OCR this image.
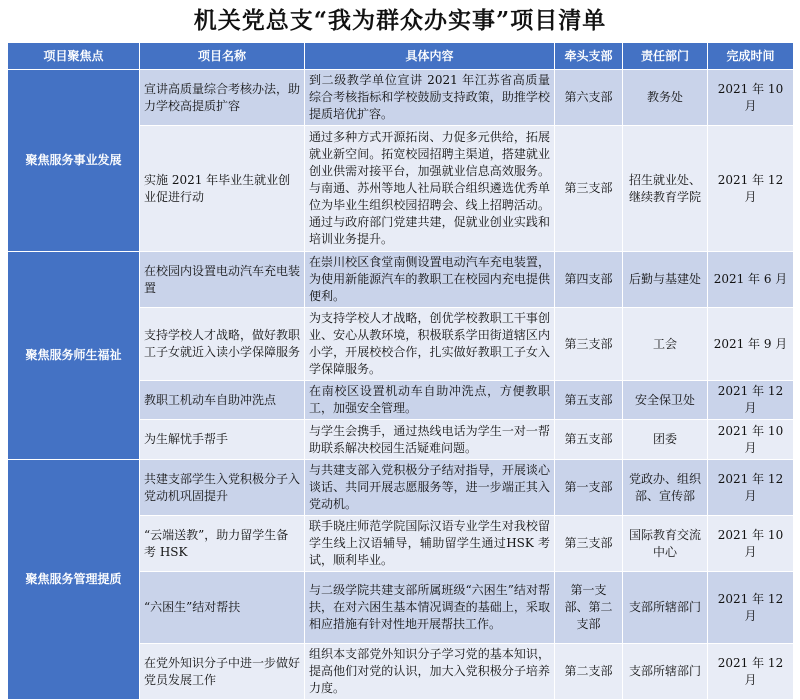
机关党总支“我为群众办实事”项目清单
项目聚焦点	项目名称	具体内容	牵头支部	责任部门	完成时间
聚焦服务事业发展	宣讲高质量综合考核办法，助力学校高提质扩容	到二级教学单位宣讲 2021 年江苏省高质量综合考核指标和学校鼓励支持政策，助推学校提质培优扩容。	第六支部	教务处	2021 年 10 月
	实施 2021 年毕业生就业创业促进行动	通过多种方式开源拓岗、力促多元供给，拓展就业新空间。拓宽校园招聘主渠道，搭建就业创业供需对接平台，加强就业信息高效服务。与南通、苏州等地人社局联合组织遴选优秀单位为毕业生组织校园招聘会、线上招聘活动。通过与政府部门党建共建，促就业创业实践和培训业务提升。	第三支部	招生就业处、继续教育学院	2021 年 12 月
聚焦服务师生福祉	在校园内设置电动汽车充电装置	在崇川校区食堂南侧设置电动汽车充电装置，为使用新能源汽车的教职工在校园内充电提供便利。	第四支部	后勤与基建处	2021 年 6 月
	支持学校人才战略，做好教职工子女就近入读小学保障服务	为支持学校人才战略，创优学校教职工干事创业、安心从教环境，积极联系学田街道辖区内小学，开展校校合作，扎实做好教职工子女入学保障服务。	第三支部	工会	2021 年 9 月
	教职工机动车自助冲洗点	在南校区设置机动车自助冲洗点，方便教职工，加强安全管理。	第五支部	安全保卫处	2021 年 12 月
	为生解忧手帮手	与学生会携手，通过热线电话为学生一对一帮助联系解决校园生活疑难问题。	第五支部	团委	2021 年 10 月
聚焦服务管理提质	共建支部学生入党积极分子入党动机巩固提升	与共建支部入党积极分子结对指导，开展谈心谈话、共同开展志愿服务等，进一步端正其入党动机。	第一支部	党政办、组织部、宣传部	2021 年 12 月
	“云端送教”，助力留学生备考 HSK	联手晓庄师范学院国际汉语专业学生对我校留学生线上汉语辅导，辅助留学生通过HSK 考试，顺利毕业。	第三支部	国际教育交流中心	2021 年 10 月
	“六困生”结对帮扶	与二级学院共建支部所属班级“六困生”结对帮扶，在对六困生基本情况调查的基础上，采取相应措施有针对性地开展帮扶工作。	第一支部、第二支部	支部所辖部门	2021 年 12 月
	在党外知识分子中进一步做好党员发展工作	组织本支部党外知识分子学习党的基本知识，提高他们对党的认识，加大入党积极分子培养力度。	第二支部	支部所辖部门	2021 年 12 月
